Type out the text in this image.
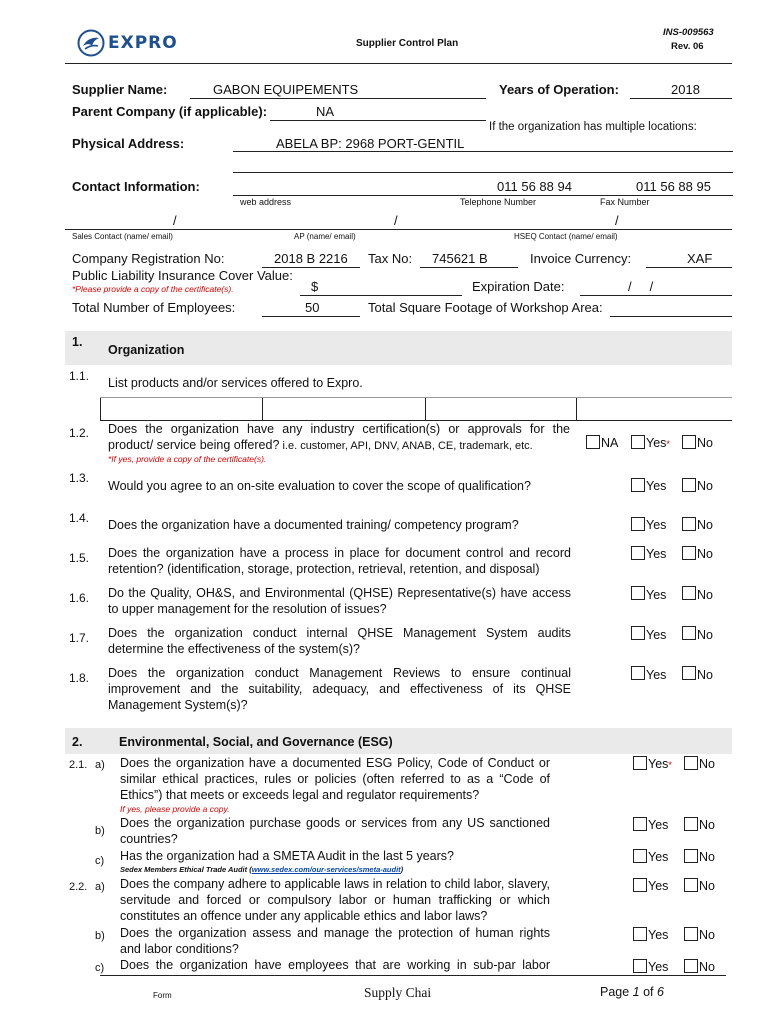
EXPRO	Supplier Control Plan
INS-009563
Rev. 06
Supplier Name:	GABON EQUIPEMENTS	Years of Operation:	2018
Parent Company (if applicable):	NA
If the organization has multiple locations:
Physical Address:	ABELA BP: 2968 PORT-GENTIL
Contact Information:	011 56 88 94	011 56 88 95
web address	Telephone Number	Fax Number
/	/	/
Sales Contact (name/ email)	AP (name/ email)	HSEQ Contact (name/ email)
Company Registration No:	2018 B 2216 Tax No: 745621 B	Invoice Currency:	XAF
Public Liability Insurance Cover Value:
*Please provide a copy of the certificate(s).	$	Expiration Date:	/     /
Total Number of Employees:	50	Total Square Footage of Workshop Area:
1.
Organization
1.1. List products and/or services offered to Expro.
1.2. Does the organization have any industry certification(s) or approvals for the product/ service being offered? i.e. customer, API, DNV, ANAB, CE, trademark, etc.
*If yes, provide a copy of the certificate(s).
NA Yes* No
1.3.
Would you agree to an on-site evaluation to cover the scope of qualification?	Yes No
1.4. Does the organization have a documented training/ competency program?	Yes No
1.5. Does the organization have a process in place for document control and record retention? (identification, storage, protection, retrieval, retention, and disposal)
Yes No
1.6. Do the Quality, OH&S, and Environmental (QHSE) Representative(s) have access to upper management for the resolution of issues?
Yes No
1.7. Does the organization conduct internal QHSE Management System audits determine the effectiveness of the system(s)?
Yes No
1.8. Does the organization conduct Management Reviews to ensure continual improvement and the suitability, adequacy, and effectiveness of its QHSE Management System(s)?
Yes No
2.	Environmental, Social, and Governance (ESG)
2.1. a) Does the organization have a documented ESG Policy, Code of Conduct or similar ethical practices, rules or policies (often referred to as a “Code of Ethics”) that meets or exceeds legal and regulator requirements?
If yes, please provide a copy.
Yes* No
b)
Does the organization purchase goods or services from any US sanctioned countries?
Yes No
c) Has the organization had a SMETA Audit in the last 5 years?
Sedex Members Ethical Trade Audit (www.sedex.com/our-services/smeta-audit)
Yes No
2.2. a) Does the company adhere to applicable laws in relation to child labor, slavery, servitude and forced or compulsory labor or human trafficking or which constitutes an offence under any applicable ethics and labor laws?
Yes No
b) Does the organization assess and manage the protection of human rights and labor conditions?
Yes No
c) Does the organization have employees that are working in sub-par labor	Yes No
Form	Supply Chai	Page 1 of 6
